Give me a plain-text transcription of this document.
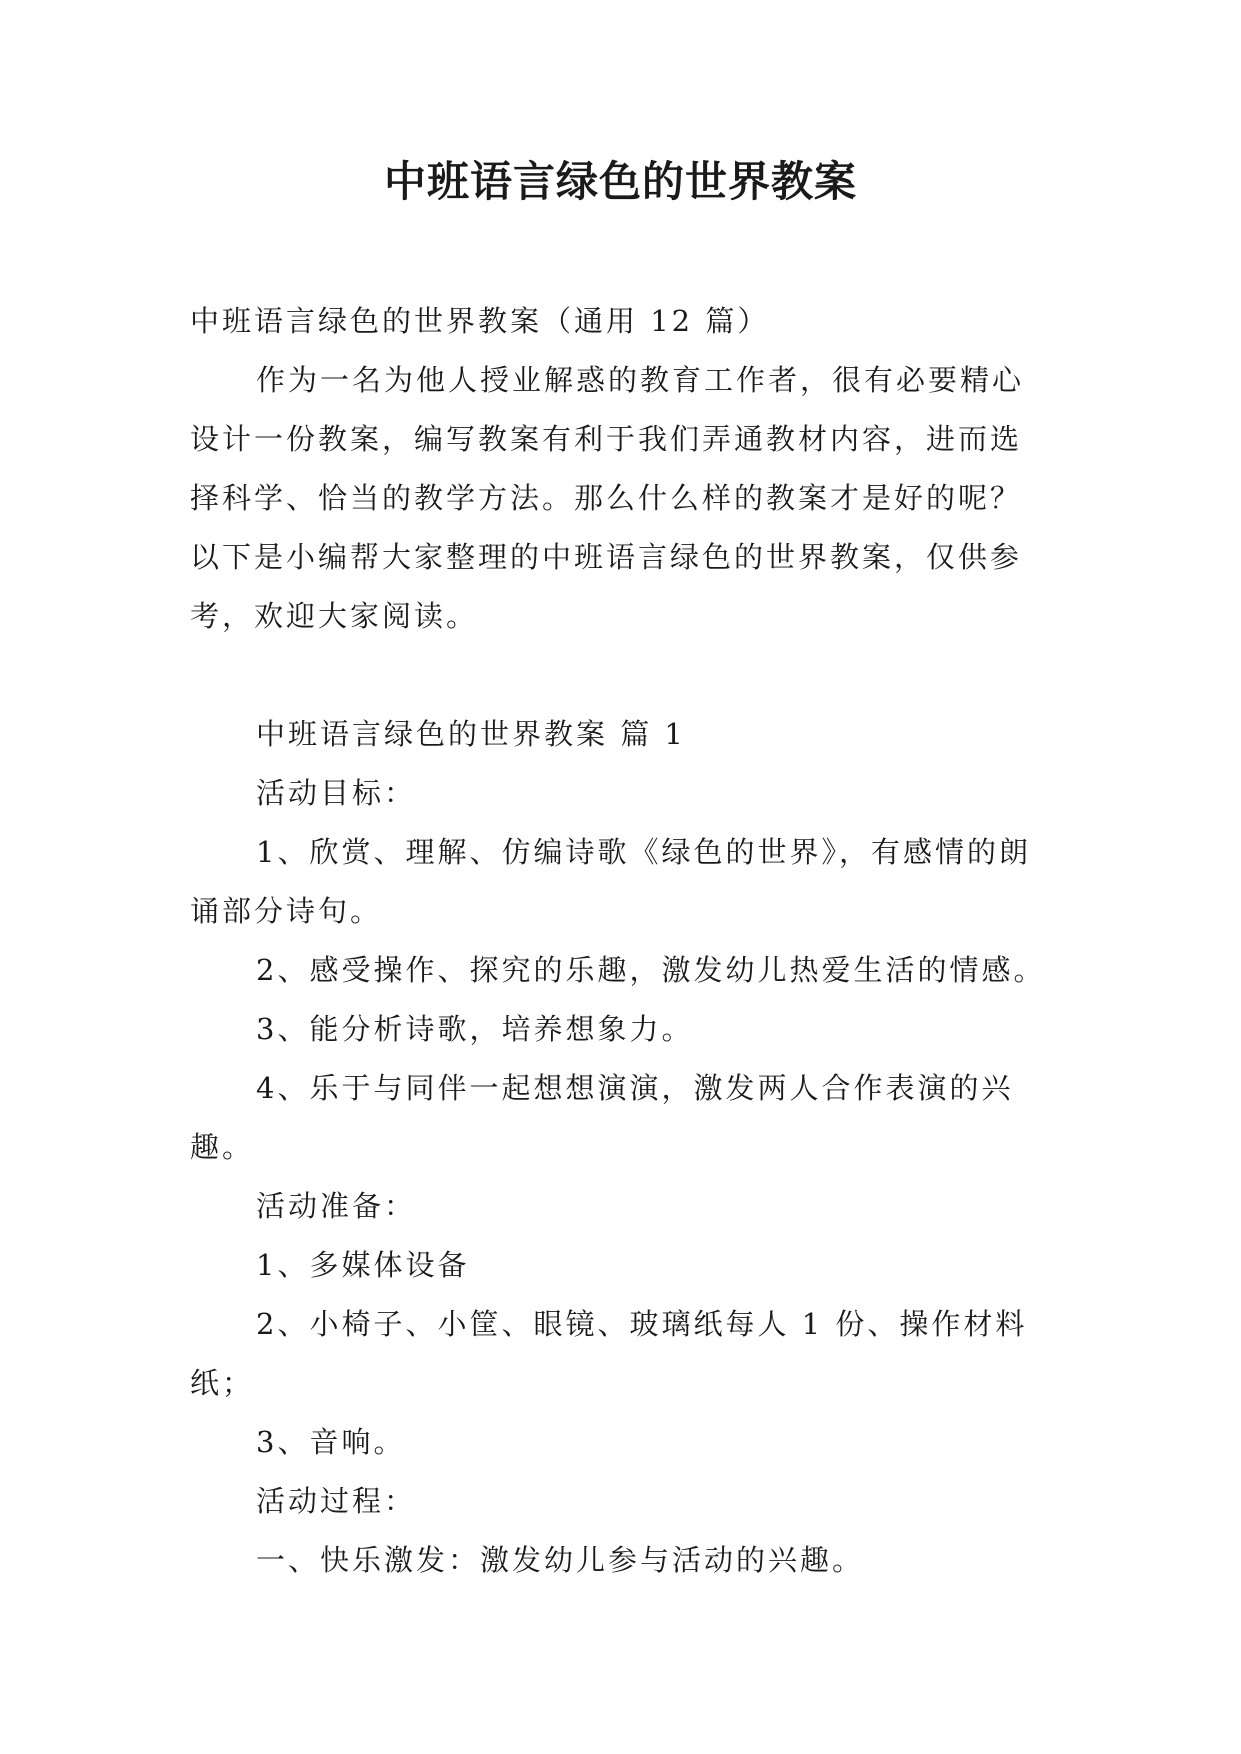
中班语言绿色的世界教案

中班语言绿色的世界教案（通用 12 篇）

作为一名为他人授业解惑的教育工作者，很有必要精心

设计一份教案，编写教案有利于我们弄通教材内容，进而选

择科学、恰当的教学方法。那么什么样的教案才是好的呢？

以下是小编帮大家整理的中班语言绿色的世界教案，仅供参

考，欢迎大家阅读。

中班语言绿色的世界教案 篇 1

活动目标：

1、欣赏、理解、仿编诗歌《绿色的世界》，有感情的朗

诵部分诗句。

2、感受操作、探究的乐趣，激发幼儿热爱生活的情感。

3、能分析诗歌，培养想象力。

4、乐于与同伴一起想想演演，激发两人合作表演的兴

趣。

活动准备：

1、多媒体设备

2、小椅子、小筐、眼镜、玻璃纸每人 1 份、操作材料

纸；

3、音响。

活动过程：

一、快乐激发：激发幼儿参与活动的兴趣。
